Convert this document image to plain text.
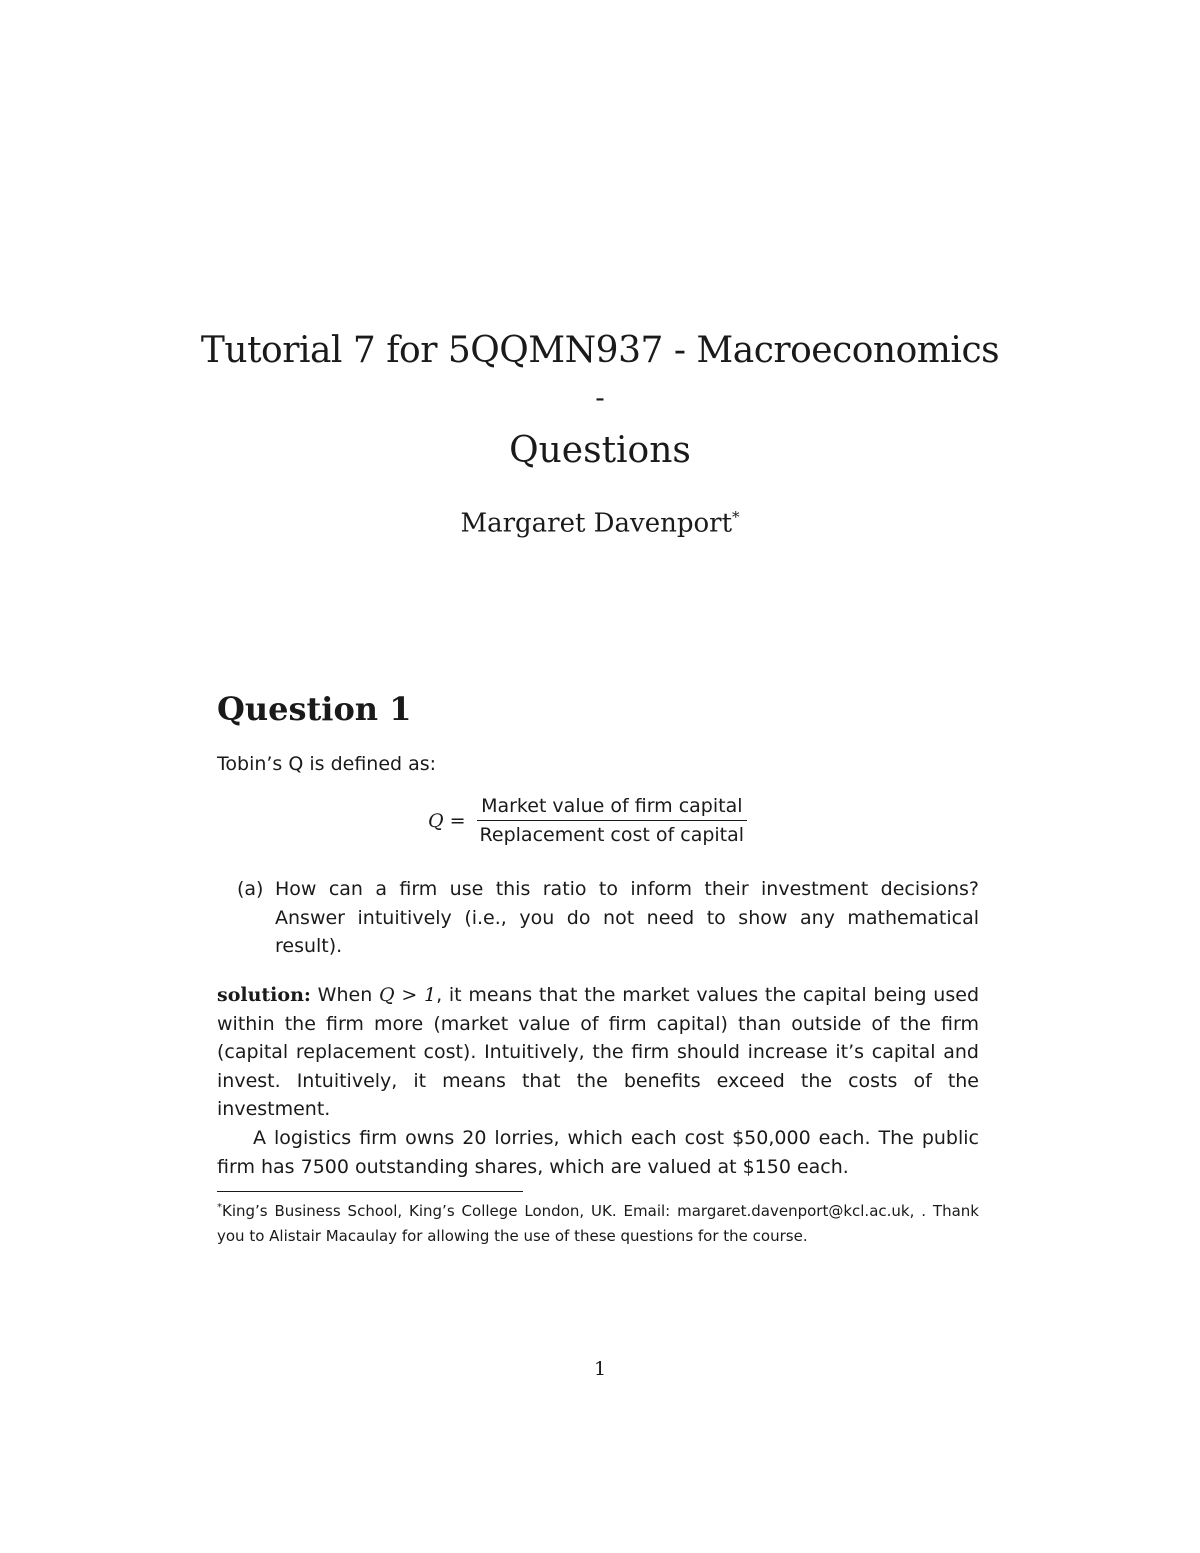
Tutorial 7 for 5QQMN937 - Macroeconomics
-
Questions
Margaret Davenport*
Question 1
Tobin’s Q is defined as:
Q =
Market value of firm capital
Replacement cost of capital
(a) How can a firm use this ratio to inform their investment decisions? Answer intuitively (i.e., you do not need to show any mathematical result).
solution: When Q > 1, it means that the market values the capital being used within the firm more (market value of firm capital) than outside of the firm (capital replacement cost). Intuitively, the firm should increase it’s capital and invest. Intuitively, it means that the benefits exceed the costs of the investment.
A logistics firm owns 20 lorries, which each cost $50,000 each. The public firm has 7500 outstanding shares, which are valued at $150 each.
*King’s Business School, King’s College London, UK. Email: margaret.davenport@kcl.ac.uk, . Thank you to Alistair Macaulay for allowing the use of these questions for the course.
1
